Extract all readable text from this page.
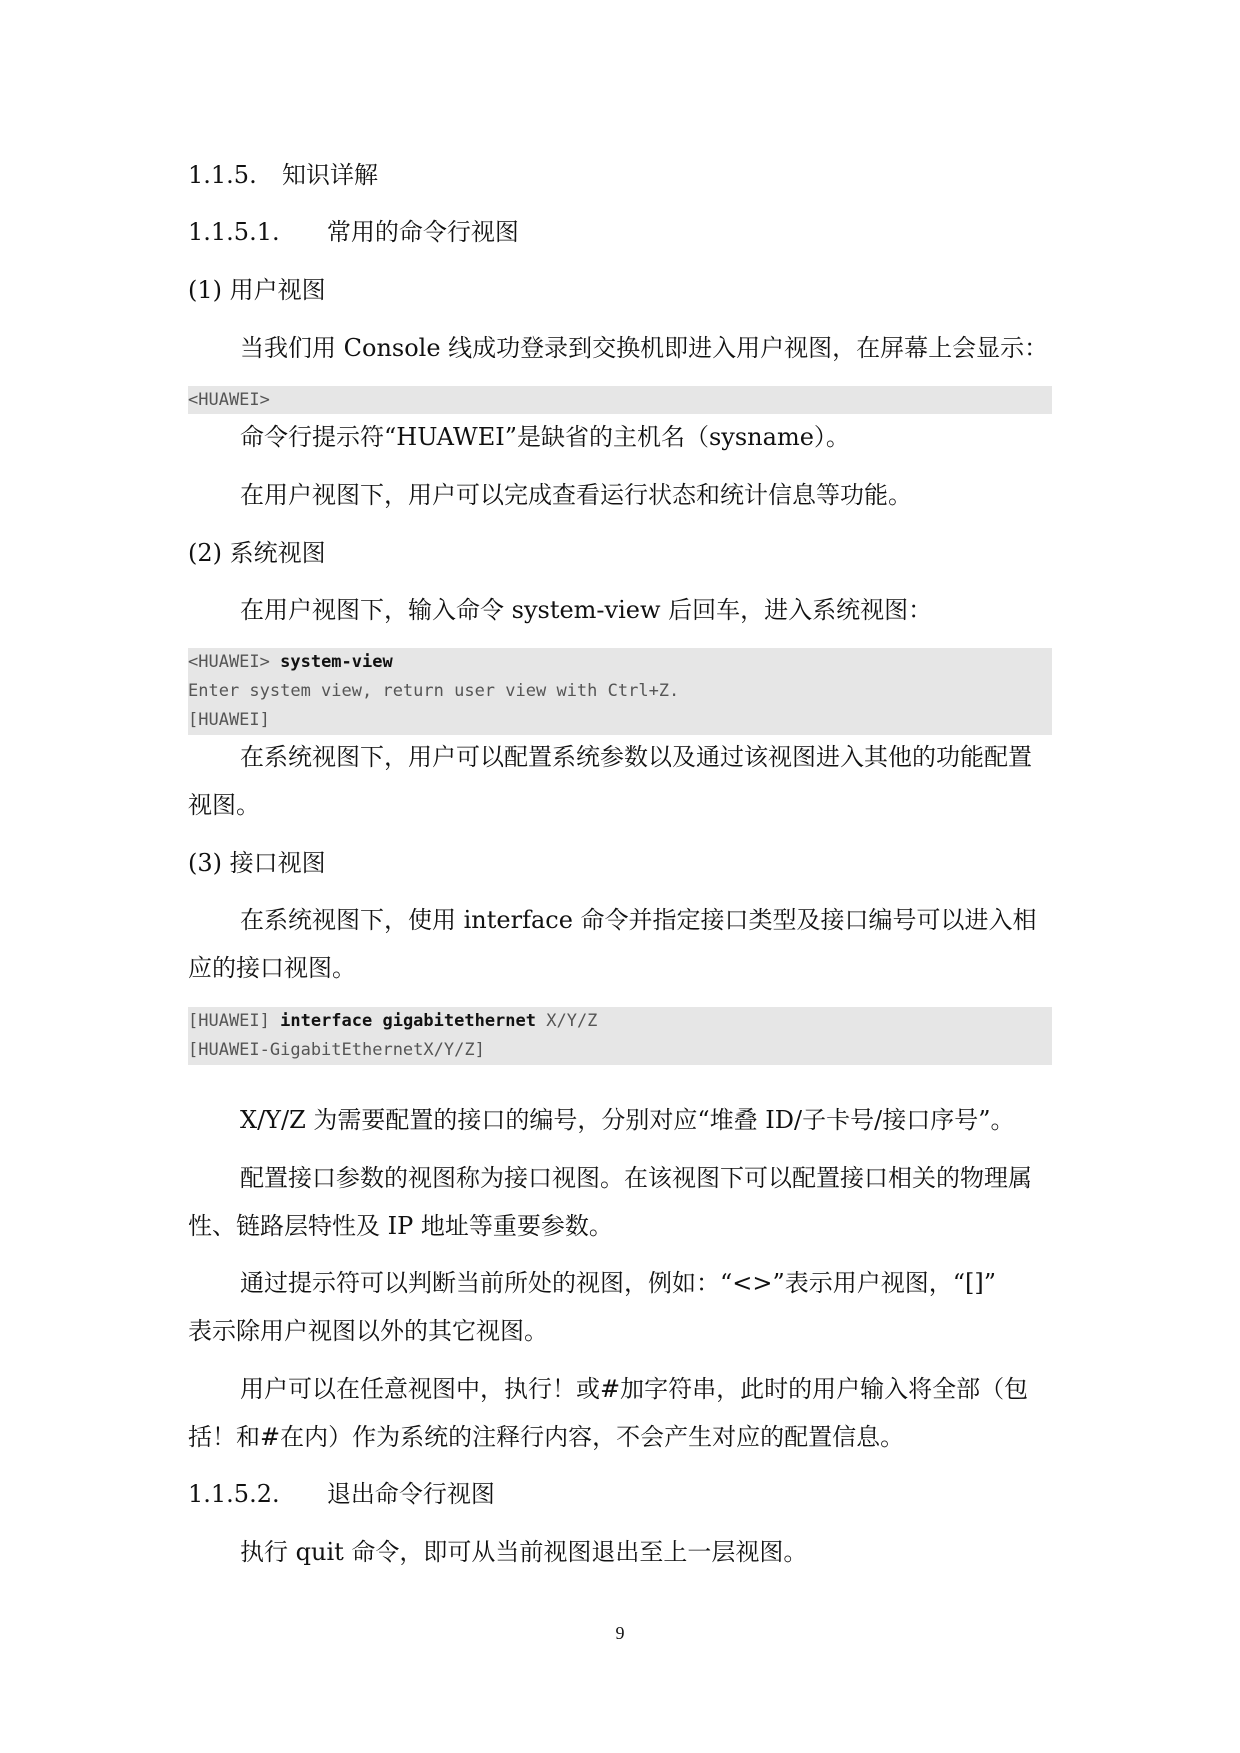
1.1.5. 知识详解
1.1.5.1. 常用的命令行视图
(1) 用户视图
当我们用 Console 线成功登录到交换机即进入用户视图，在屏幕上会显示：
<HUAWEI>
命令行提示符“HUAWEI”是缺省的主机名（sysname）。
在用户视图下，用户可以完成查看运行状态和统计信息等功能。
(2) 系统视图
在用户视图下，输入命令 system-view 后回车，进入系统视图：
<HUAWEI> system-view
Enter system view, return user view with Ctrl+Z.
[HUAWEI]
在系统视图下，用户可以配置系统参数以及通过该视图进入其他的功能配置
视图。
(3) 接口视图
在系统视图下，使用 interface 命令并指定接口类型及接口编号可以进入相
应的接口视图。
[HUAWEI] interface gigabitethernet X/Y/Z
[HUAWEI-GigabitEthernetX/Y/Z]
X/Y/Z 为需要配置的接口的编号，分别对应“堆叠 ID/子卡号/接口序号”。
配置接口参数的视图称为接口视图。在该视图下可以配置接口相关的物理属
性、链路层特性及 IP 地址等重要参数。
通过提示符可以判断当前所处的视图，例如：“<>”表示用户视图，“[]”
表示除用户视图以外的其它视图。
用户可以在任意视图中，执行！或#加字符串，此时的用户输入将全部（包
括！和#在内）作为系统的注释行内容，不会产生对应的配置信息。
1.1.5.2. 退出命令行视图
执行 quit 命令，即可从当前视图退出至上一层视图。
9
